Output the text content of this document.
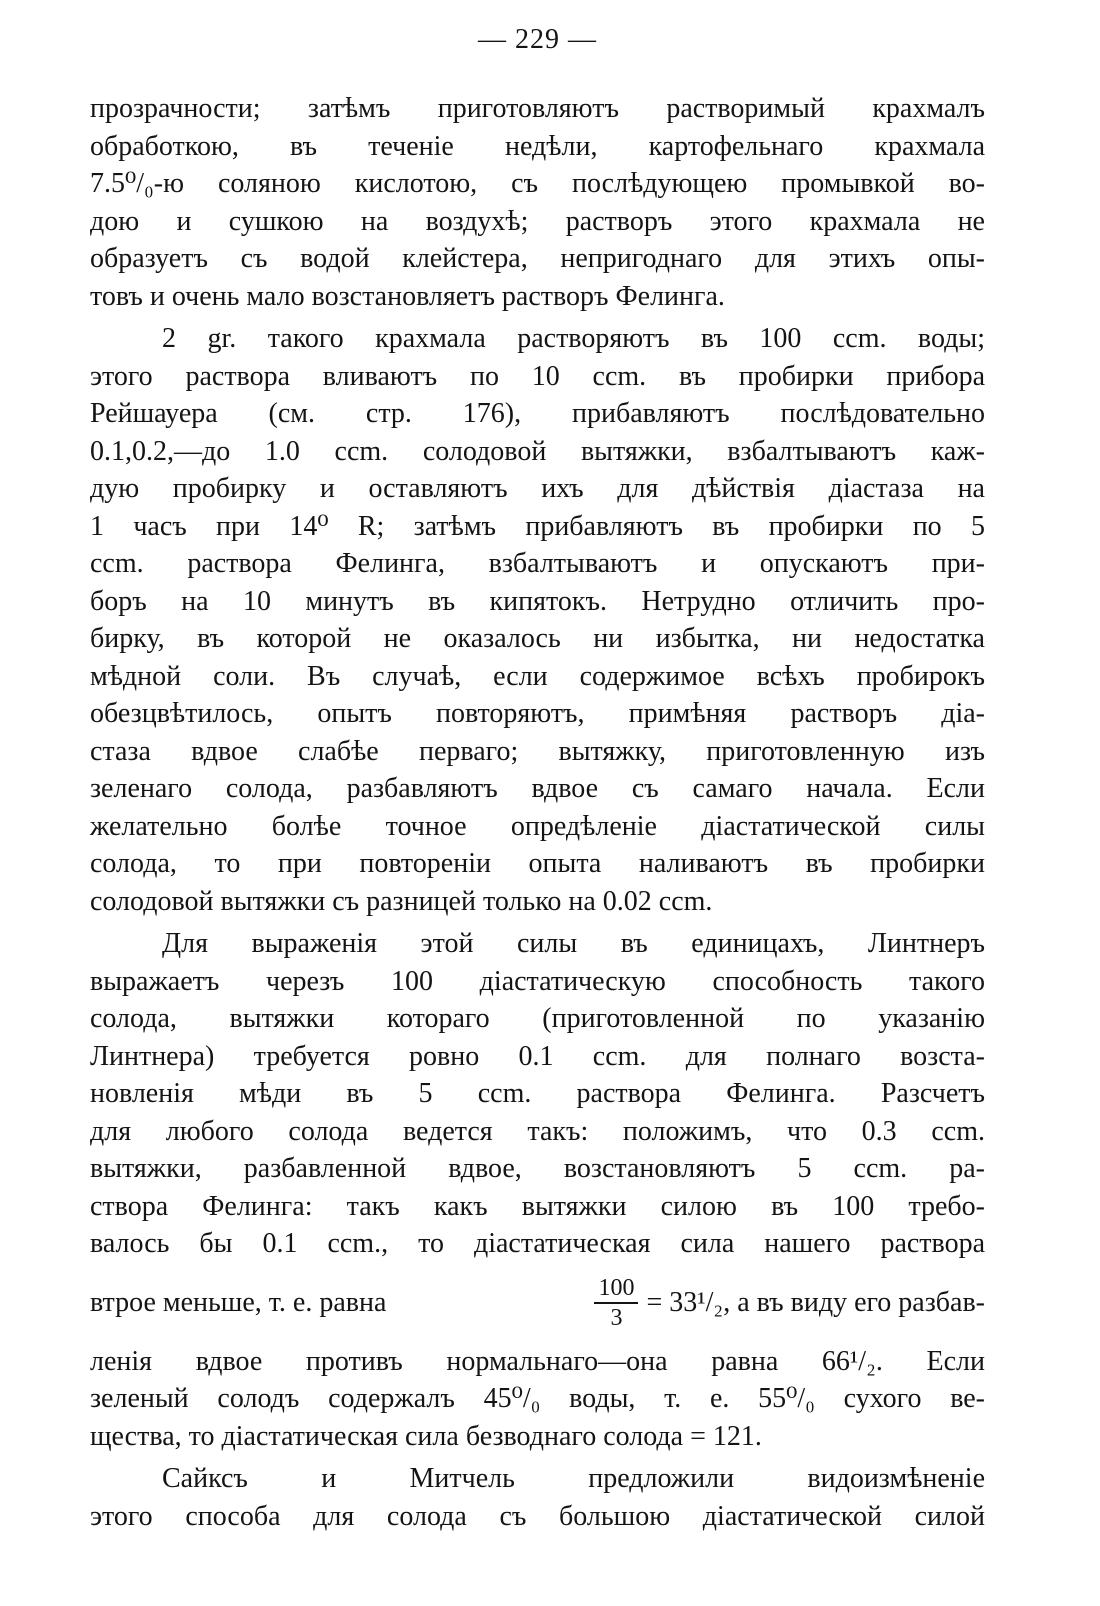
— 229 —
прозрачности; затѣмъ приготовляютъ растворимый крахмалъ
обработкою, въ теченіе недѣли, картофельнаго крахмала
7.5⁰/₀-ю соляною кислотою, съ послѣдующею промывкой во-
дою и сушкою на воздухѣ; растворъ этого крахмала не
образуетъ съ водой клейстера, непригоднаго для этихъ опы-
товъ и очень мало возстановляетъ растворъ Фелинга.
2 gr. такого крахмала растворяютъ въ 100 ccm. воды;
этого раствора вливаютъ по 10 ccm. въ пробирки прибора
Рейшауера (см. стр. 176), прибавляютъ послѣдовательно
0.1,0.2,—до 1.0 ccm. солодовой вытяжки, взбалтываютъ каж-
дую пробирку и оставляютъ ихъ для дѣйствія діастаза на
1 часъ при 14⁰ R; затѣмъ прибавляютъ въ пробирки по 5
ccm. раствора Фелинга, взбалтываютъ и опускаютъ при-
боръ на 10 минутъ въ кипятокъ. Нетрудно отличить про-
бирку, въ которой не оказалось ни избытка, ни недостатка
мѣдной соли. Въ случаѣ, если содержимое всѣхъ пробирокъ
обезцвѣтилось, опытъ повторяютъ, примѣняя растворъ діа-
стаза вдвое слабѣе перваго; вытяжку, приготовленную изъ
зеленаго солода, разбавляютъ вдвое съ самаго начала. Если
желательно болѣе точное опредѣленіе діастатической силы
солода, то при повтореніи опыта наливаютъ въ пробирки
солодовой вытяжки съ разницей только на 0.02 ccm.
Для выраженія этой силы въ единицахъ, Линтнеръ
выражаетъ черезъ 100 діастатическую способность такого
солода, вытяжки котораго (приготовленной по указанію
Линтнера) требуется ровно 0.1 ccm. для полнаго возста-
новленія мѣди въ 5 ccm. раствора Фелинга. Разсчетъ
для любого солода ведется такъ: положимъ, что 0.3 ccm.
вытяжки, разбавленной вдвое, возстановляютъ 5 ccm. ра-
створа Фелинга: такъ какъ вытяжки силою въ 100 требо-
валось бы 0.1 ccm., то діастатическая сила нашего раствора
втрое меньше, т. е. равна	$\frac{100}{3} = 33^1/_2$, а въ виду его разбав-
ленія вдвое противъ нормальнаго—она равна 66¹/₂. Если
зеленый солодъ содержалъ 45⁰/₀ воды, т. е. 55⁰/₀ сухого ве-
щества, то діастатическая сила безводнаго солода = 121.
Сайксъ и Митчель предложили видоизмѣненіе
этого способа для солода съ большою діастатической силой
